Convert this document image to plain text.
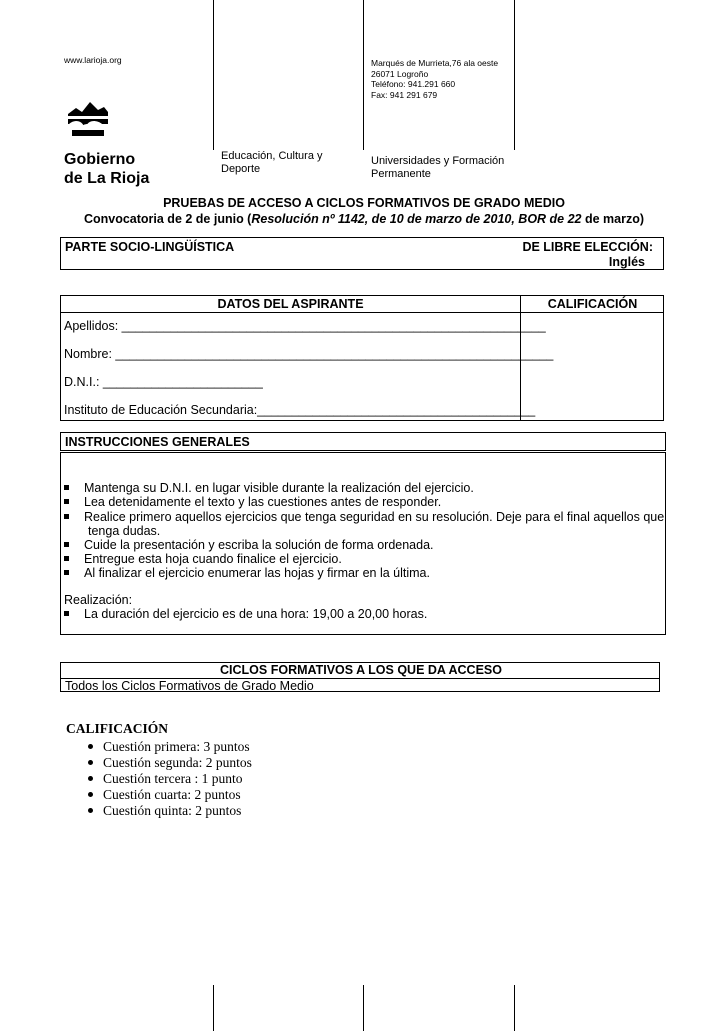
www.larioja.org
Gobierno
de La Rioja
Educación, Cultura y
Deporte
Marqués de Murrieta,76 ala oeste
26071 Logroño
Teléfono: 941.291 660
Fax: 941 291 679
Universidades y Formación
Permanente
PRUEBAS DE ACCESO A CICLOS FORMATIVOS DE GRADO MEDIO
Convocatoria de 2 de junio (Resolución nº 1142, de 10 de marzo de 2010, BOR de 22 de marzo)
PARTE SOCIO-LINGÜÍSTICA	DE LIBRE ELECCIÓN:
Inglés
DATOS DEL ASPIRANTE	CALIFICACIÓN
Apellidos: _____________________________________________________________
Nombre: _______________________________________________________________
D.N.I.: _______________________
Instituto de Educación Secundaria:________________________________________
INSTRUCCIONES GENERALES
Mantenga su D.N.I. en lugar visible durante la realización del ejercicio.
Lea detenidamente el texto y las cuestiones antes de responder.
Realice primero aquellos ejercicios que tenga seguridad en su resolución. Deje para el final aquellos que
tenga dudas.
Cuide la presentación y escriba la solución de forma ordenada.
Entregue esta hoja cuando finalice el ejercicio.
Al finalizar el ejercicio enumerar las hojas y firmar en la última.
Realización:
La duración del ejercicio es de una hora: 19,00 a 20,00 horas.
CICLOS FORMATIVOS A LOS QUE DA ACCESO
Todos los Ciclos Formativos de Grado Medio
CALIFICACIÓN
Cuestión primera: 3 puntos
Cuestión segunda: 2 puntos
Cuestión tercera : 1 punto
Cuestión cuarta: 2 puntos
Cuestión quinta: 2 puntos
